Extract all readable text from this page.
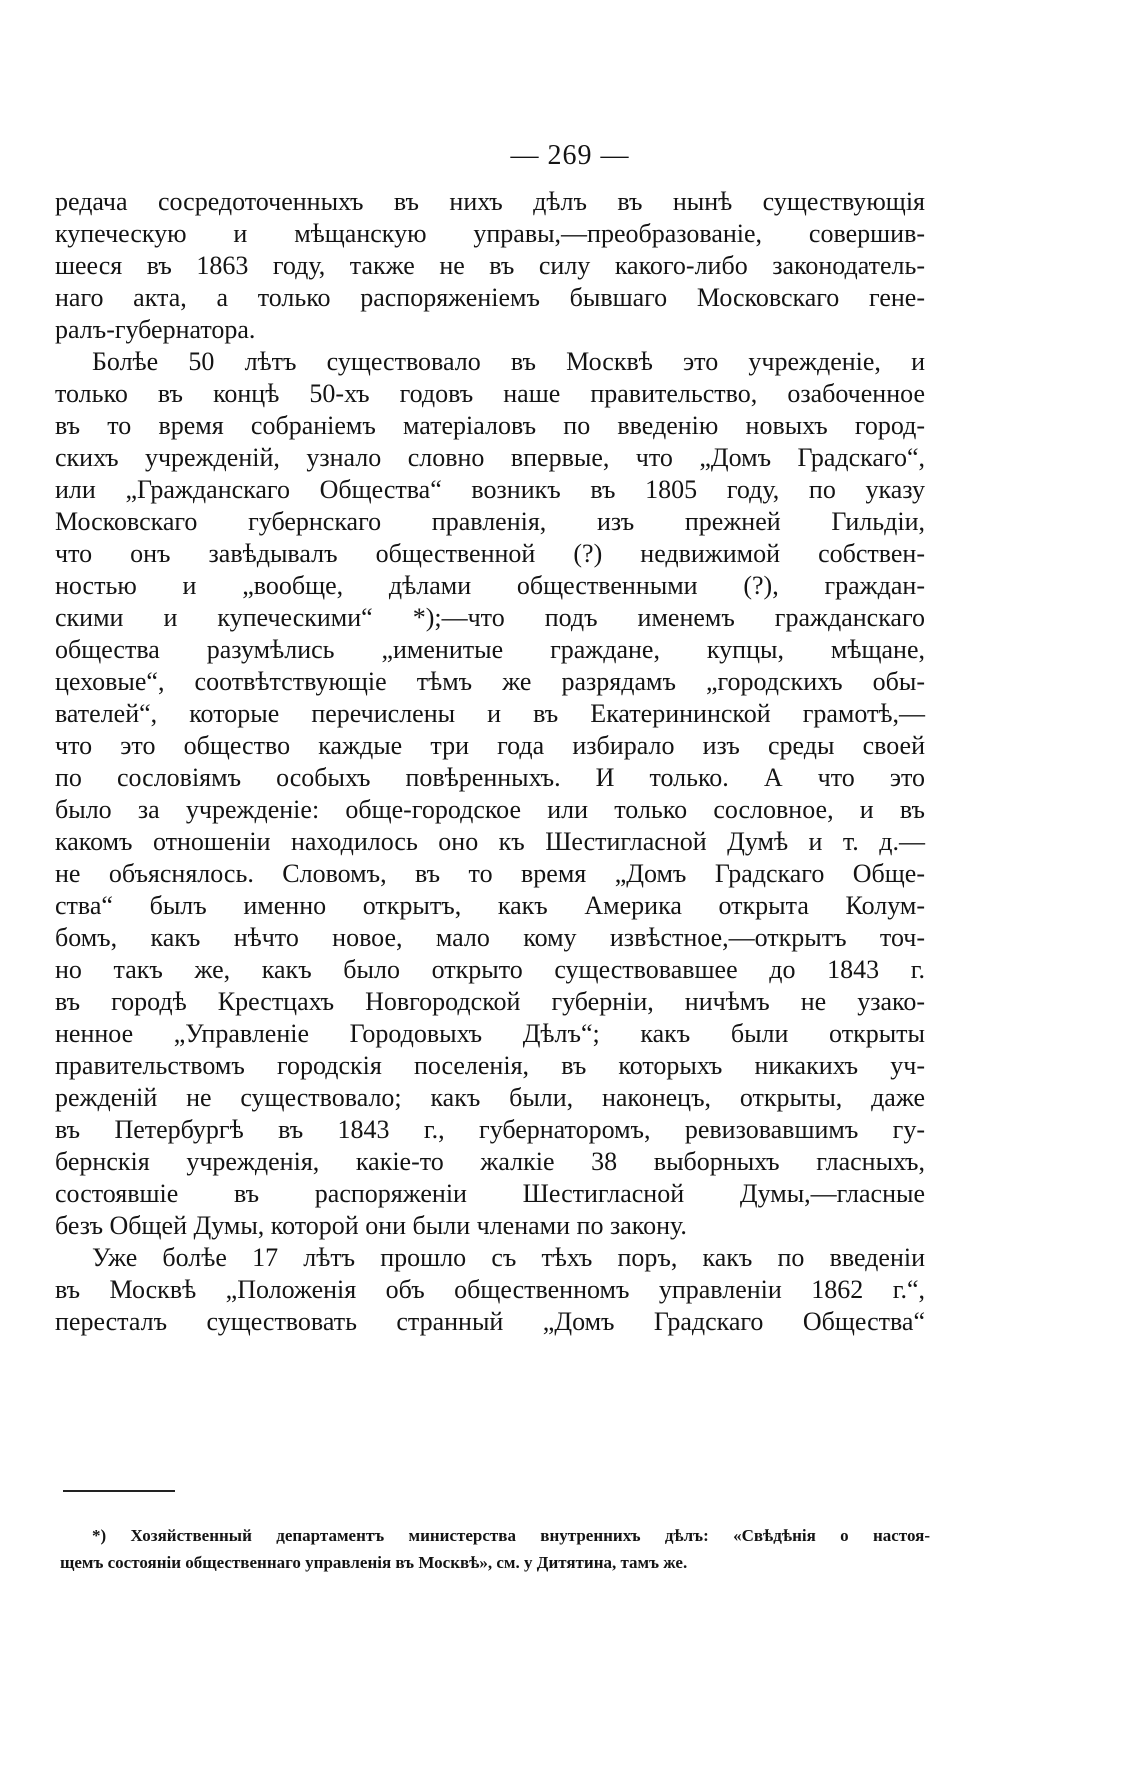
— 269 —

редача сосредоточенныхъ въ нихъ дѣлъ въ нынѣ существующія

купеческую и мѣщанскую управы,—преобразованіе, совершив-

шееся въ 1863 году, также не въ силу какого-либо законодатель-

наго акта, а только распоряженіемъ бывшаго Московскаго гене-

ралъ-губернатора.

Болѣе 50 лѣтъ существовало въ Москвѣ это учрежденіе, и

только въ концѣ 50-хъ годовъ наше правительство, озабоченное

въ то время собраніемъ матеріаловъ по введенію новыхъ город-

скихъ учрежденій, узнало словно впервые, что „Домъ Градскаго“,

или „Гражданскаго Общества“ возникъ въ 1805 году, по указу

Московскаго губернскаго правленія, изъ прежней Гильдіи,

что онъ завѣдывалъ общественной (?) недвижимой собствен-

ностью и „вообще, дѣлами общественными (?), граждан-

скими и купеческими“ *);—что подъ именемъ гражданскаго

общества разумѣлись „именитые граждане, купцы, мѣщане,

цеховые“, соотвѣтствующіе тѣмъ же разрядамъ „городскихъ обы-

вателей“, которые перечислены и въ Екатерининской грамотѣ,—

что это общество каждые три года избирало изъ среды своей

по сословіямъ особыхъ повѣренныхъ. И только. А что это

было за учрежденіе: обще-городское или только сословное, и въ

какомъ отношеніи находилось оно къ Шестигласной Думѣ и т. д.—

не объяснялось. Словомъ, въ то время „Домъ Градскаго Обще-

ства“ былъ именно открытъ, какъ Америка открыта Колум-

бомъ, какъ нѣчто новое, мало кому извѣстное,—открытъ точ-

но такъ же, какъ было открыто существовавшее до 1843 г.

въ городѣ Крестцахъ Новгородской губерніи, ничѣмъ не узако-

ненное „Управленіе Городовыхъ Дѣлъ“; какъ были открыты

правительствомъ городскія поселенія, въ которыхъ никакихъ уч-

режденій не существовало; какъ были, наконецъ, открыты, даже

въ Петербургѣ въ 1843 г., губернаторомъ, ревизовавшимъ гу-

бернскія учрежденія, какіе-то жалкіе 38 выборныхъ гласныхъ,

состоявшіе въ распоряженіи Шестигласной Думы,—гласные

безъ Общей Думы, которой они были членами по закону.

Уже болѣе 17 лѣтъ прошло съ тѣхъ поръ, какъ по введеніи

въ Москвѣ „Положенія объ общественномъ управленіи 1862 г.“,

пересталъ существовать странный „Домъ Градскаго Общества“

*) Хозяйственный департаментъ министерства внутреннихъ дѣлъ: «Свѣдѣнія о настоя-

щемъ состояніи общественнаго управленія въ Москвѣ», см. у Дитятина, тамъ же.
